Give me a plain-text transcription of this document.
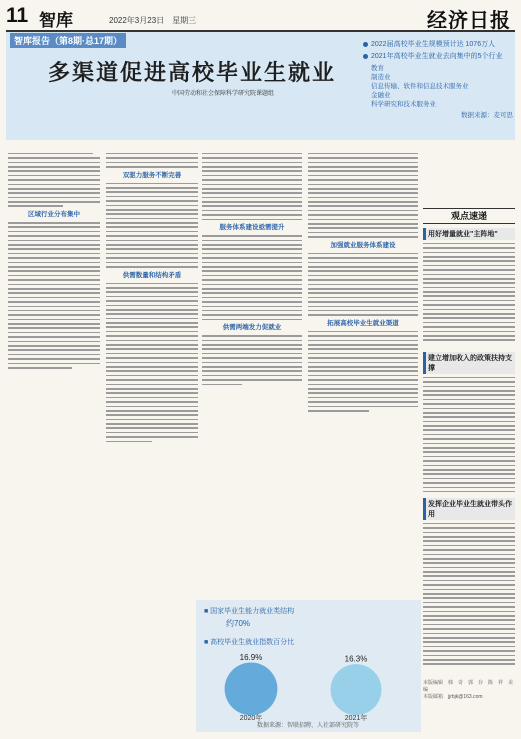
11 智库	2022年3月23日　星期三	经济日报
智库报告（第8期·总17期）
多渠道促进高校毕业生就业
中国劳动和社会保障科学研究院课题组
2022届高校毕业生规模预计达 1076万人
2021年高校毕业生就业去向集中的5个行业
教育
制造业
信息传输、软件和信息技术服务业
金融业
科学研究和技术服务业
数据来源：麦可思
区域行业分布集中
双驱力服务不断完善
供需数量和结构矛盾
服务体系建设亟需提升
供需两端发力促就业
加强就业服务体系建设
拓展高校毕业生就业渠道
观点速递
用好增量就业"主阵地"
建立增加收入的政策扶持支撑
发挥企业毕业生就业带头作用
本版编辑　韩　奇　郭　存　陈　祥　美　编
本版邮箱　jjrbjk@163.com
■ 国家毕业生能力就业类结构
约70%
■ 高校毕业生就业指数百分比
16.9%
2020年
16.3%
2021年
数据来源：智联招聘、人社部研究院等
